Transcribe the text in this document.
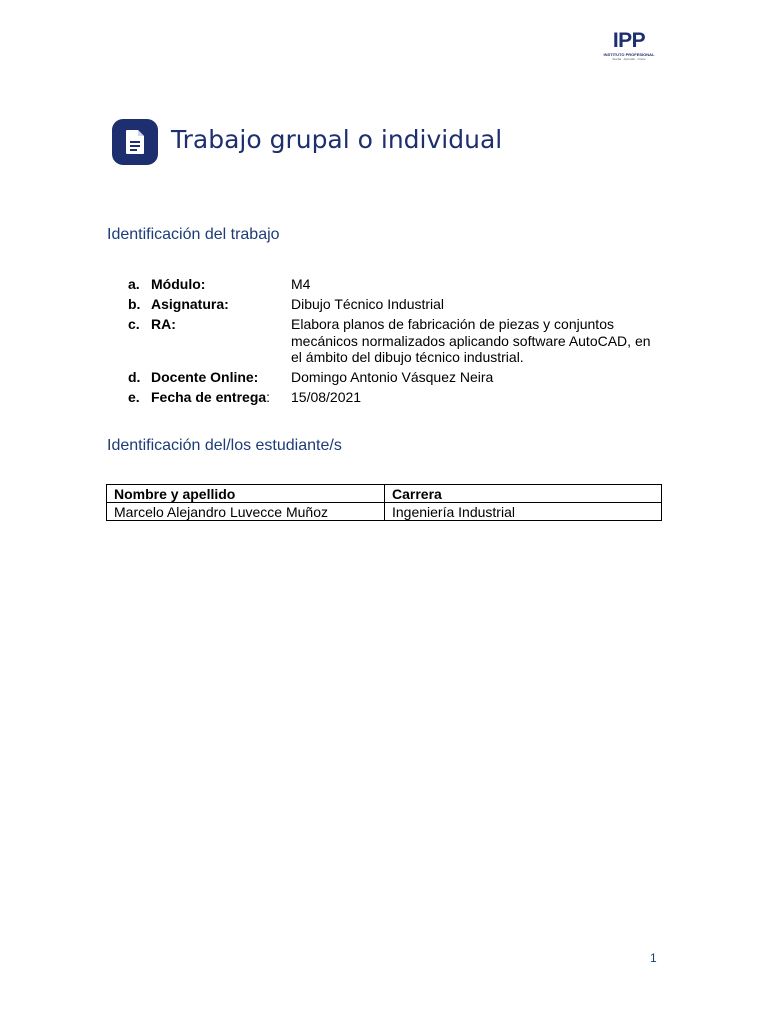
IPP
INSTITUTO PROFESIONAL
Sueña · Aprende · Crece
Trabajo grupal o individual
Identificación del trabajo
a. Módulo:	M4
b. Asignatura:	Dibujo Técnico Industrial
c. RA:	Elabora planos de fabricación de piezas y conjuntos mecánicos normalizados aplicando software AutoCAD, en el ámbito del dibujo técnico industrial.
d. Docente Online:	Domingo Antonio Vásquez Neira
e. Fecha de entrega:	15/08/2021
Identificación del/los estudiante/s
Nombre y apellido	Carrera
Marcelo Alejandro Luvecce Muñoz	Ingeniería Industrial
1
